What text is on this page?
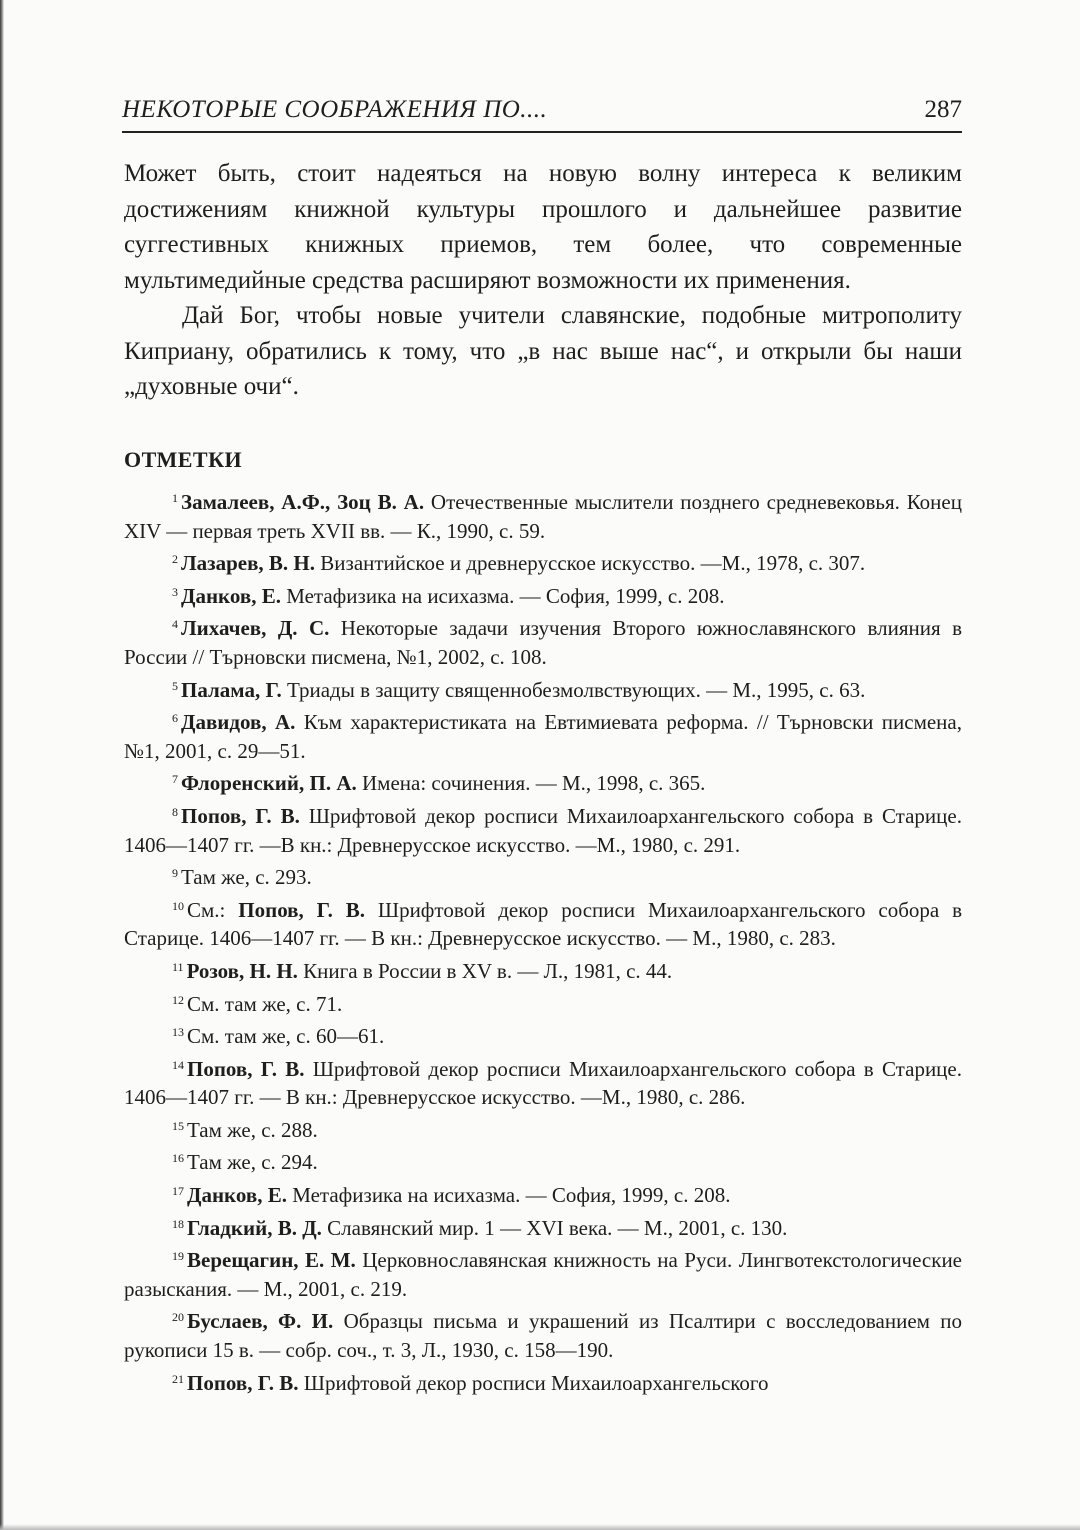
НЕКОТОРЫЕ СООБРАЖЕНИЯ ПО....	287

Может быть, стоит надеяться на новую волну интереса к великим достижениям книжной культуры прошлого и дальнейшее развитие суггестивных книжных приемов, тем более, что современные мультимедийные средства расширяют возможности их применения.

Дай Бог, чтобы новые учители славянские, подобные митрополиту Киприану, обратились к тому, что „в нас выше нас“, и открыли бы наши „духовные очи“.

ОТМЕТКИ

$^1$ Замалеев, А.Ф., Зоц В. А. Отечественные мыслители позднего средневековья. Конец XIV — первая треть XVII вв. — К., 1990, с. 59.

$^2$ Лазарев, В. Н. Византийское и древнерусское искусство. —М., 1978, с. 307.

$^3$ Данков, Е. Метафизика на исихазма. — София, 1999, с. 208.

$^4$ Лихачев, Д. С. Некоторые задачи изучения Второго южнославянского влияния в России // Търновски писмена, №1, 2002, с. 108.

$^5$ Палама, Г. Триады в защиту священнобезмолвствующих. — М., 1995, с. 63.

$^6$ Давидов, А. Към характеристиката на Евтимиевата реформа. // Търновски писмена, №1, 2001, с. 29—51.

$^7$ Флоренский, П. А. Имена: сочинения. — М., 1998, с. 365.

$^8$ Попов, Г. В. Шрифтовой декор росписи Михаилоархангельского собора в Старице. 1406—1407 гг. —В кн.: Древнерусское искусство. —М., 1980, с. 291.

$^9$ Там же, с. 293.

$^{10}$ См.: Попов, Г. В. Шрифтовой декор росписи Михаилоархангельского собора в Старице. 1406—1407 гг. — В кн.: Древнерусское искусство. — М., 1980, с. 283.

$^{11}$ Розов, Н. Н. Книга в России в XV в. — Л., 1981, с. 44.

$^{12}$ См. там же, с. 71.

$^{13}$ См. там же, с. 60—61.

$^{14}$ Попов, Г. В. Шрифтовой декор росписи Михаилоархангельского собора в Старице. 1406—1407 гг. — В кн.: Древнерусское искусство. —М., 1980, с. 286.

$^{15}$ Там же, с. 288.

$^{16}$ Там же, с. 294.

$^{17}$ Данков, Е. Метафизика на исихазма. — София, 1999, с. 208.

$^{18}$ Гладкий, В. Д. Славянский мир. 1 — XVI века. — М., 2001, с. 130.

$^{19}$ Верещагин, Е. М. Церковнославянская книжность на Руси. Лингвотекстологические разыскания. — М., 2001, с. 219.

$^{20}$ Буслаев, Ф. И. Образцы письма и украшений из Псалтири с восследованием по рукописи 15 в. — собр. соч., т. 3, Л., 1930, с. 158—190.

$^{21}$ Попов, Г. В. Шрифтовой декор росписи Михаилоархангельского
